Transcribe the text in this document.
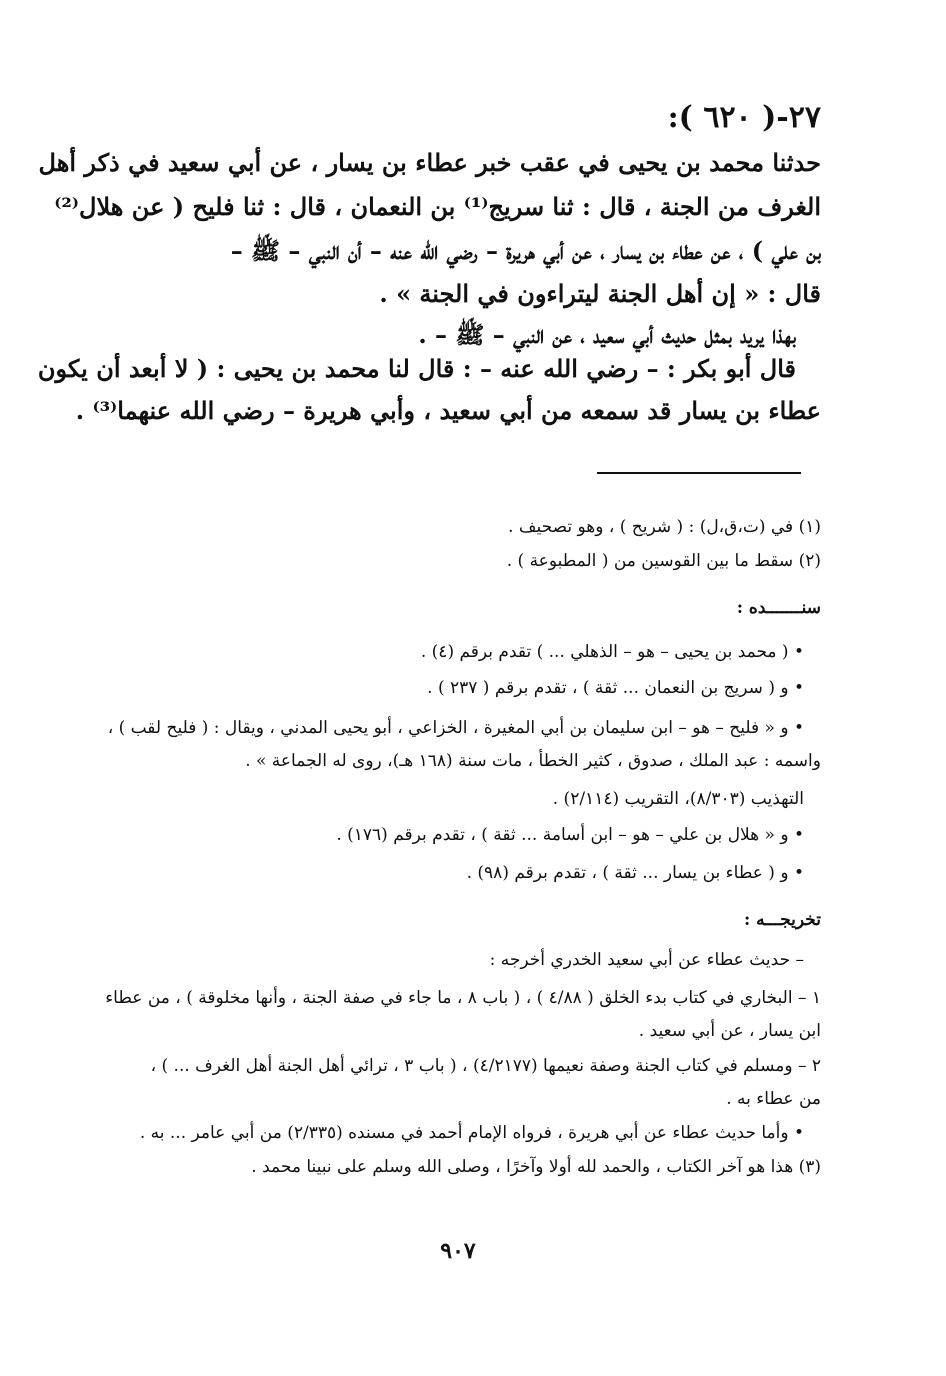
٢٧-( ٦٢٠ ):
حدثنا محمد بن يحيى في عقب خبر عطاء بن يسار ، عن أبي سعيد في ذكر أهل
الغرف من الجنة ، قال : ثنا سريج⁽¹⁾ بن النعمان ، قال : ثنا فليح ( عن هلال⁽²⁾
بن علي ) ، عن عطاء بن يسار ، عن أبي هريرة – رضي الله عنه – أن النبي – ﷺ –
قال : « إن أهل الجنة ليتراءون في الجنة » .
بهذا يريد بمثل حديث أبي سعيد ، عن النبي – ﷺ – .
قال أبو بكر : – رضي الله عنه – : قال لنا محمد بن يحيى : ( لا أبعد أن يكون
عطاء بن يسار قد سمعه من أبي سعيد ، وأبي هريرة – رضي الله عنهما⁽³⁾ .
(١) في (ت،ق،ل) : ( شريح ) ، وهو تصحيف .
(٢) سقط ما بين القوسين من ( المطبوعة ) .
سنـــــــده :
• ( محمد بن يحيى – هو – الذهلي ... ) تقدم برقم (٤) .
• و ( سريج بن النعمان ... ثقة ) ، تقدم برقم ( ٢٣٧ ) .
• و « فليح – هو – ابن سليمان بن أبي المغيرة ، الخزاعي ، أبو يحيى المدني ، ويقال : ( فليح لقب ) ،
واسمه : عبد الملك ، صدوق ، كثير الخطأ ، مات سنة (١٦٨ هـ)، روى له الجماعة » .
التهذيب (٨/٣٠٣)، التقريب (٢/١١٤) .
• و « هلال بن علي – هو – ابن أسامة ... ثقة ) ، تقدم برقم (١٧٦) .
• و ( عطاء بن يسار ... ثقة ) ، تقدم برقم (٩٨) .
تخريجـــه :
– حديث عطاء عن أبي سعيد الخدري أخرجه :
١ – البخاري في كتاب بدء الخلق ( ٤/٨٨ ) ، ( باب ٨ ، ما جاء في صفة الجنة ، وأنها مخلوقة ) ، من عطاء
ابن يسار ، عن أبي سعيد .
٢ – ومسلم في كتاب الجنة وصفة نعيمها (٤/٢١٧٧) ، ( باب ٣ ، ترائي أهل الجنة أهل الغرف ... ) ،
من عطاء به .
• وأما حديث عطاء عن أبي هريرة ، فرواه الإمام أحمد في مسنده (٢/٣٣٥) من أبي عامر ... به .
(٣) هذا هو آخر الكتاب ، والحمد لله أولا وآخرًا ، وصلى الله وسلم على نبينا محمد .
٩٠٧
